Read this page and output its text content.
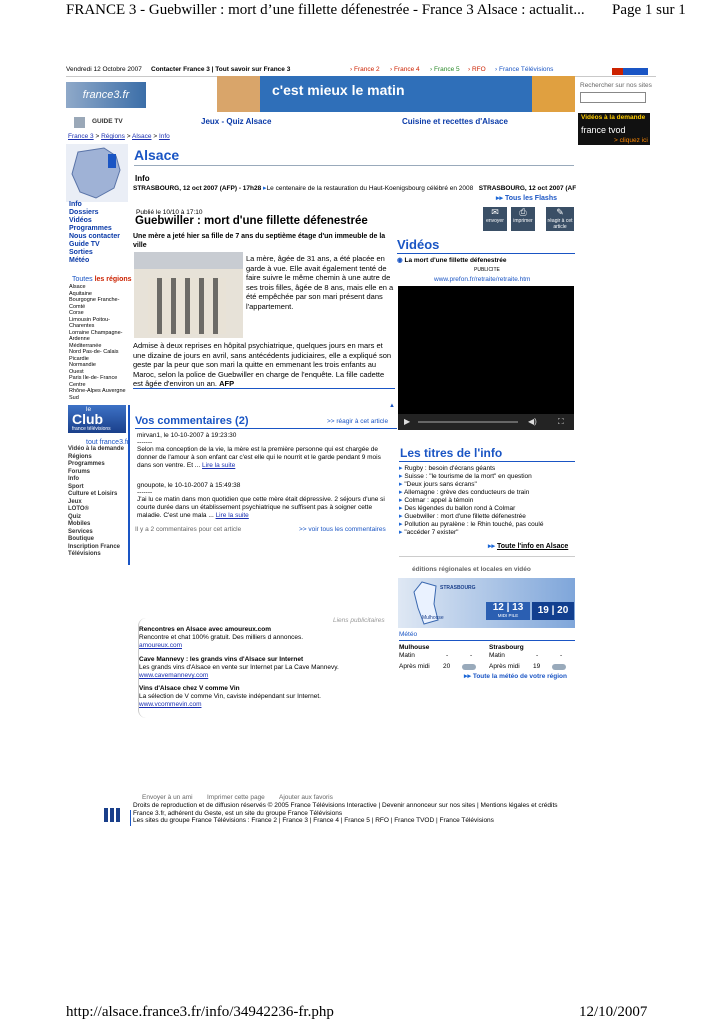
FRANCE 3 - Guebwiller : mort d’une fillette défenestrée - France 3 Alsace : actualit... Page 1 sur 1
Vendredi 12 Octobre 2007 Contacter France 3 | Tout savoir sur France 3	› France 2 › France 4 › France 5 › RFO › France Télévisions
france3.fr	c'est mieux le matin	Rechercher sur nos sites
GUIDE TV	Jeux - Quiz Alsace	Cuisine et recettes d'Alsace	Vidéos à la demande
france tvod
> cliquez ici
France 3 > Régions > Alsace > Info
Alsace
Info
STRASBOURG, 12 oct 2007 (AFP) - 17h28 ▸Le centenaire de la restauration du Haut-Koenigsbourg célébré en 2008 STRASBOURG, 12 oct 2007 (AF
▸▸ Tous les Flashs
Info
Dossiers
Vidéos
Programmes
Nous contacter
Guide TV
Sorties
Météo
Toutes les régions
Alsace
Aquitaine
Bourgogne Franche-Comté
Corse
Limousin Poitou-Charentes
Lorraine Champagne-Ardenne
Méditerranée
Nord Pas-de- Calais Picardie
Normandie
Ouest
Paris Ile-de- France Centre
Rhône-Alpes Auvergne
Sud
le
Club
france télévisions
tout france3.fr
Vidéo à la demande
Régions
Programmes
Forums
Info
Sport
Culture et Loisirs
Jeux
LOTO®
Quiz
Mobiles
Services
Boutique
Inscription France Télévisions
Publié le 10/10 à 17:10
Guebwiller : mort d'une fillette défenestrée
✉
envoyer
⎙
imprimer
✎
réagir à cet article
Une mère a jeté hier sa fille de 7 ans du septième étage d'un immeuble de la ville
La mère, âgée de 31 ans, a été placée en garde à vue. Elle avait également tenté de faire suivre le même chemin à une autre de ses trois filles, âgée de 8 ans, mais elle en a été empêchée par son mari présent dans l'appartement.
Admise à deux reprises en hôpital psychiatrique, quelques jours en mars et une dizaine de jours en avril, sans antécédents judiciaires, elle a expliqué son geste par la peur que son mari la quitte en emmenant les trois enfants au Maroc, selon la police de Guebwiller en charge de l'enquête. La fille cadette est âgée d'environ un an. AFP
▲
Vos commentaires (2)	>> réagir à cet article
mirvan1, le 10-10-2007 à 19:23:30
-------
Selon ma conception de la vie, la mère est la première personne qui est chargée de donner de l'amour à son enfant car c'est elle qui le nourrit et le garde pendant 9 mois dans son ventre. Et ... Lire la suite
gnoupote, le 10-10-2007 à 15:49:38
-------
J'ai lu ce matin dans mon quotidien que cette mère était dépressive. 2 séjours d'une si courte durée dans un établissement psychiatrique ne suffisent pas à soigner cette maladie. C'est une mala ... Lire la suite
Il y a 2 commentaires pour cet article	>> voir tous les commentaires
Vidéos
◉ La mort d'une fillette défenestrée
PUBLICITE
www.prefon.fr/retraite/retraite.htm
▶	◀)	⛶
Les titres de l'info
▸ Rugby : besoin d'écrans géants
▸ Suisse : "le tourisme de la mort" en question
▸ "Deux jours sans écrans"
▸ Allemagne : grève des conducteurs de train
▸ Colmar : appel à témoin
▸ Des légendes du ballon rond à Colmar
▸ Guebwiller : mort d'une fillette défenestrée
▸ Pollution au pyralène : le Rhin touché, pas coulé
▸ "accéder 7 exister"
▸▸ Toute l'info en Alsace
éditions régionales et locales en vidéo
STRASBOURG
Mulhouse
12 | 13
MIDI PILE	19 | 20
Liens publicitaires
Rencontres en Alsace avec amoureux.com
Rencontre et chat 100% gratuit. Des milliers d annonces.
amoureux.com
Cave Mannevy : les grands vins d'Alsace sur Internet
Les grands vins d'Alsace en vente sur Internet par La Cave Mannevy.
www.cavemannevy.com
Vins d'Alsace chez V comme Vin
La sélection de V comme Vin, caviste indépendant sur Internet.
www.vcommevin.com
Météo
Mulhouse	Strasbourg
Matin	-	-	Matin	-	-
Après midi 20	Après midi 19
▸▸ Toute la météo de votre région
Envoyer à un ami Imprimer cette page Ajouter aux favoris
Droits de reproduction et de diffusion réservés © 2005 France Télévisions Interactive | Devenir annonceur sur nos sites | Mentions légales et crédits
France 3.fr, adhérent du Geste, est un site du groupe France Télévisions
Les sites du groupe France Télévisions : France 2 | France 3 | France 4 | France 5 | RFO | France TVOD | France Télévisions
http://alsace.france3.fr/info/34942236-fr.php	12/10/2007
